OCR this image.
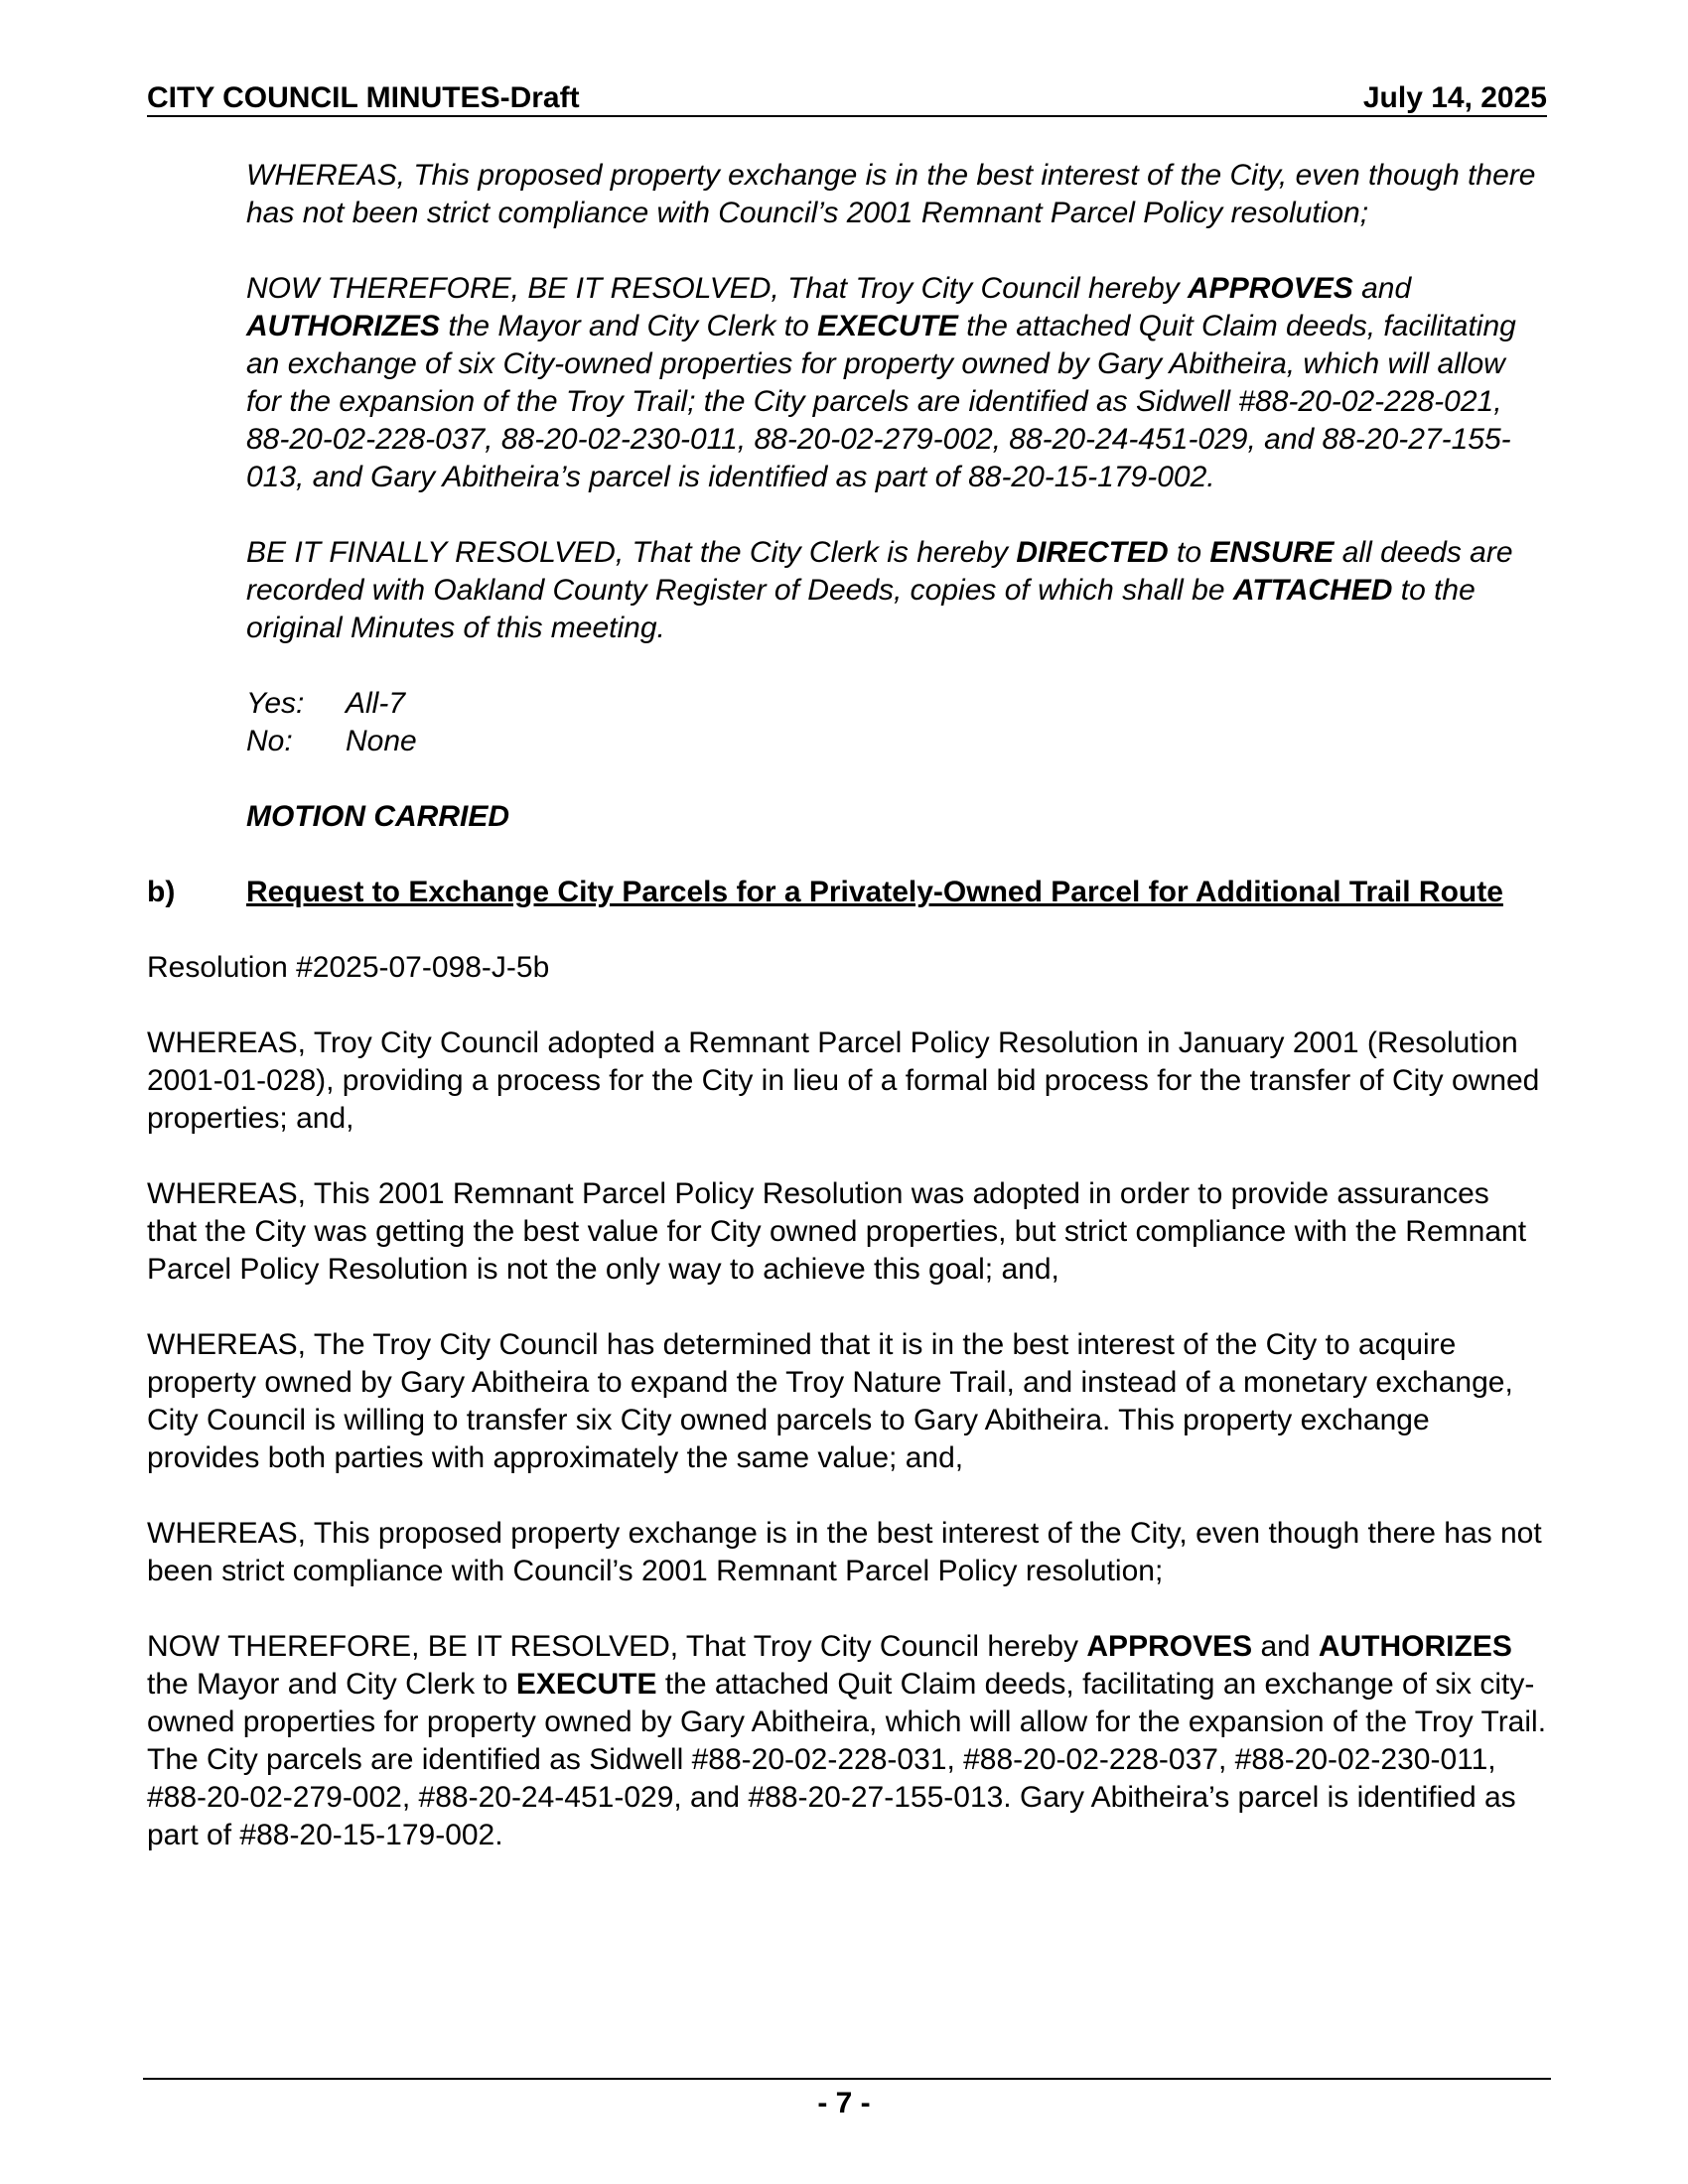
CITY COUNCIL MINUTES-Draft	July 14, 2025

WHEREAS, This proposed property exchange is in the best interest of the City, even though there has not been strict compliance with Council’s 2001 Remnant Parcel Policy resolution;

NOW THEREFORE, BE IT RESOLVED, That Troy City Council hereby APPROVES and AUTHORIZES the Mayor and City Clerk to EXECUTE the attached Quit Claim deeds, facilitating an exchange of six City-owned properties for property owned by Gary Abitheira, which will allow for the expansion of the Troy Trail; the City parcels are identified as Sidwell #88-20-02-228-021, 88-20-02-228-037, 88-20-02-230-011, 88-20-02-279-002, 88-20-24-451-029, and 88-20-27-155-013, and Gary Abitheira’s parcel is identified as part of 88-20-15-179-002.

BE IT FINALLY RESOLVED, That the City Clerk is hereby DIRECTED to ENSURE all deeds are recorded with Oakland County Register of Deeds, copies of which shall be ATTACHED to the original Minutes of this meeting.

Yes:	All-7
No:	None

MOTION CARRIED

b)	Request to Exchange City Parcels for a Privately-Owned Parcel for Additional Trail Route

Resolution #2025-07-098-J-5b

WHEREAS, Troy City Council adopted a Remnant Parcel Policy Resolution in January 2001 (Resolution 2001-01-028), providing a process for the City in lieu of a formal bid process for the transfer of City owned properties; and,

WHEREAS, This 2001 Remnant Parcel Policy Resolution was adopted in order to provide assurances that the City was getting the best value for City owned properties, but strict compliance with the Remnant Parcel Policy Resolution is not the only way to achieve this goal; and,

WHEREAS, The Troy City Council has determined that it is in the best interest of the City to acquire property owned by Gary Abitheira to expand the Troy Nature Trail, and instead of a monetary exchange, City Council is willing to transfer six City owned parcels to Gary Abitheira. This property exchange provides both parties with approximately the same value; and,

WHEREAS, This proposed property exchange is in the best interest of the City, even though there has not been strict compliance with Council’s 2001 Remnant Parcel Policy resolution;

NOW THEREFORE, BE IT RESOLVED, That Troy City Council hereby APPROVES and AUTHORIZES the Mayor and City Clerk to EXECUTE the attached Quit Claim deeds, facilitating an exchange of six city-owned properties for property owned by Gary Abitheira, which will allow for the expansion of the Troy Trail. The City parcels are identified as Sidwell #88-20-02-228-031, #88-20-02-228-037, #88-20-02-230-011, #88-20-02-279-002, #88-20-24-451-029, and #88-20-27-155-013. Gary Abitheira’s parcel is identified as part of #88-20-15-179-002.

- 7 -
